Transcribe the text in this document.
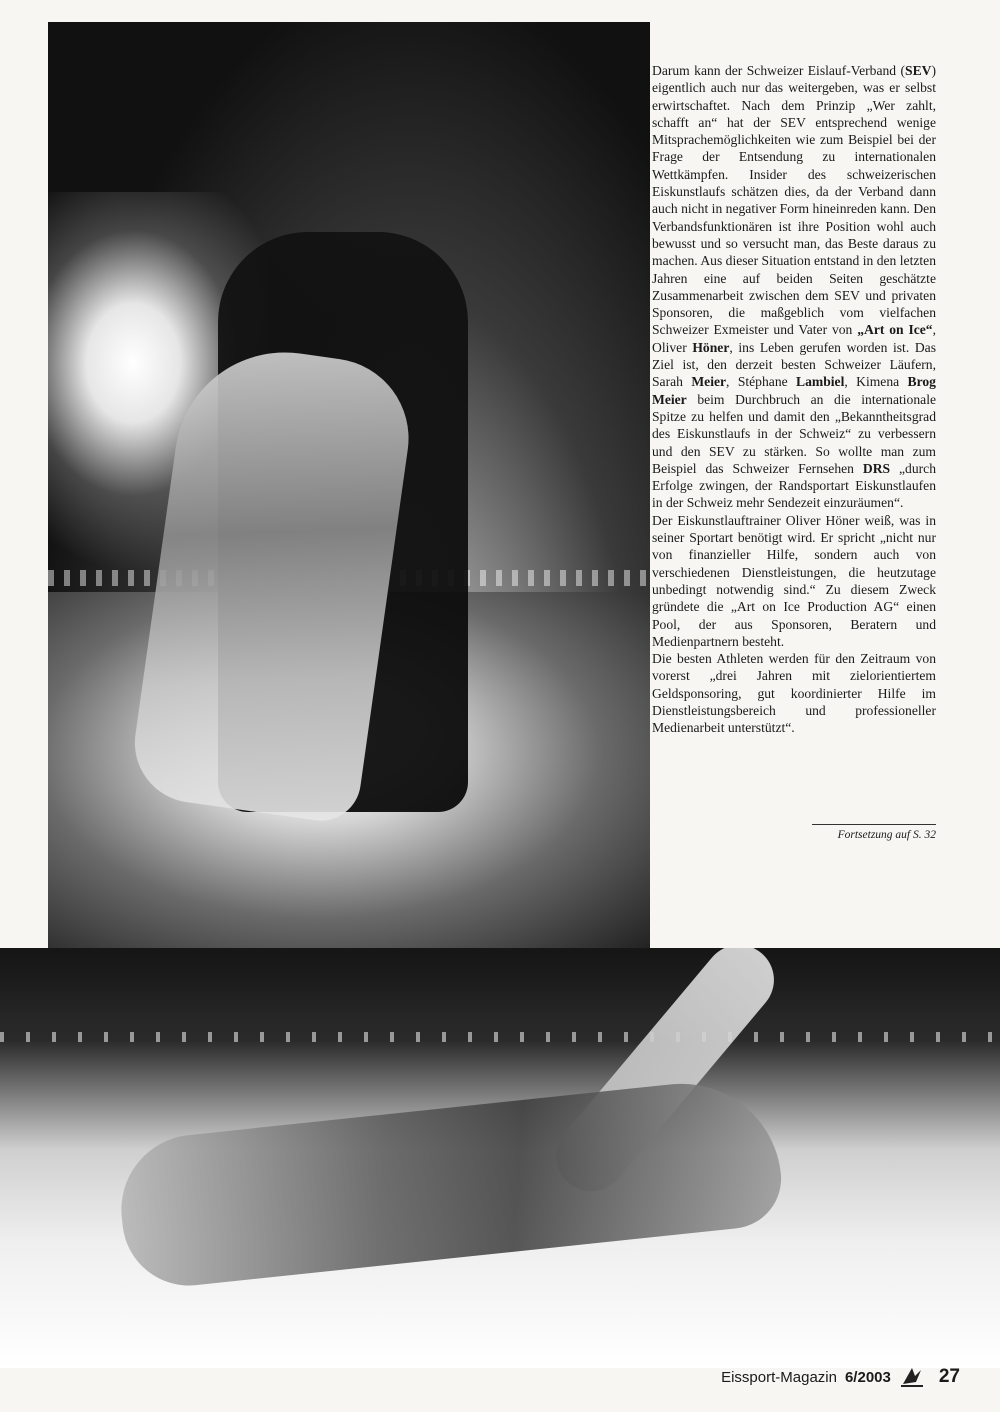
Darum kann der Schweizer Eislauf-Verband (SEV) eigentlich auch nur das weitergeben, was er selbst erwirtschaftet. Nach dem Prinzip „Wer zahlt, schafft an“ hat der SEV entsprechend wenige Mitsprachemöglichkeiten wie zum Beispiel bei der Frage der Entsendung zu internationalen Wettkämpfen. Insider des schweizerischen Eiskunstlaufs schätzen dies, da der Verband dann auch nicht in negativer Form hineinreden kann. Den Verbandsfunktionären ist ihre Position wohl auch bewusst und so versucht man, das Beste daraus zu machen. Aus dieser Situation entstand in den letzten Jahren eine auf beiden Seiten geschätzte Zusammenarbeit zwischen dem SEV und privaten Sponsoren, die maßgeblich vom vielfachen Schweizer Exmeister und Vater von „Art on Ice“, Oliver Höner, ins Leben gerufen worden ist. Das Ziel ist, den derzeit besten Schweizer Läufern, Sarah Meier, Stéphane Lambiel, Kimena Brog Meier beim Durchbruch an die internationale Spitze zu helfen und damit den „Bekanntheitsgrad des Eiskunstlaufs in der Schweiz“ zu verbessern und den SEV zu stärken. So wollte man zum Beispiel das Schweizer Fernsehen DRS „durch Erfolge zwingen, der Randsportart Eiskunstlaufen in der Schweiz mehr Sendezeit einzuräumen“.

Der Eiskunstlauftrainer Oliver Höner weiß, was in seiner Sportart benötigt wird. Er spricht „nicht nur von finanzieller Hilfe, sondern auch von verschiedenen Dienstleistungen, die heutzutage unbedingt notwendig sind.“ Zu diesem Zweck gründete die „Art on Ice Production AG“ einen Pool, der aus Sponsoren, Beratern und Medienpartnern besteht.

Die besten Athleten werden für den Zeitraum von vorerst „drei Jahren mit zielorientiertem Geldsponsoring, gut koordinierter Hilfe im Dienstleistungsbereich und professioneller Medienarbeit unterstützt“.

Fortsetzung auf S. 32
Eissport-Magazin 6/2003	27
